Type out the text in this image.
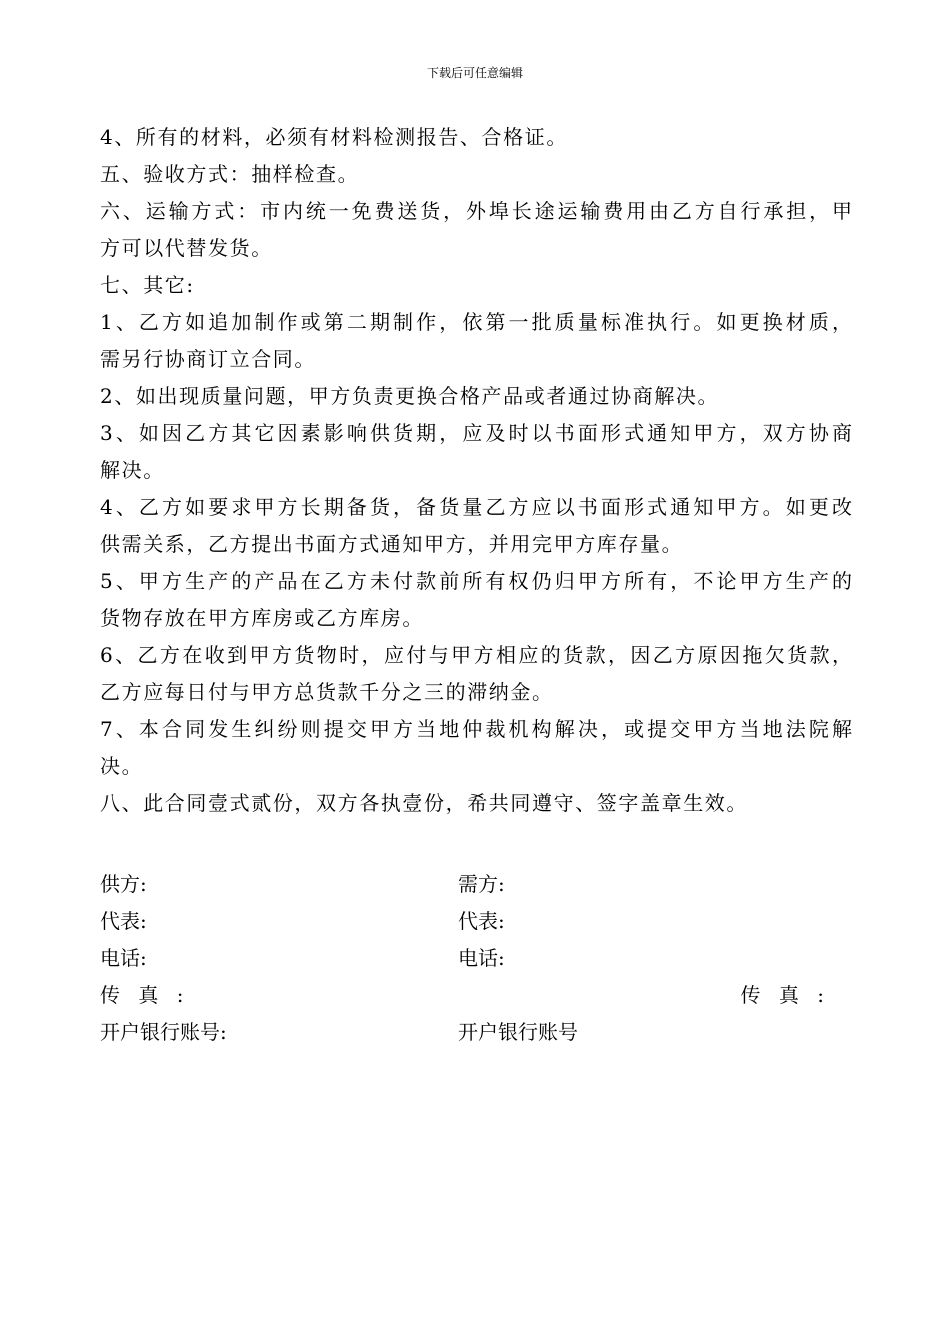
下载后可任意编辑
4、所有的材料，必须有材料检测报告、合格证。
五、验收方式：抽样检查。
六、运输方式：市内统一免费送货，外埠长途运输费用由乙方自行承担，甲
方可以代替发货。
七、其它:
1、乙方如追加制作或第二期制作，依第一批质量标准执行。如更换材质，
需另行协商订立合同。
2、如出现质量问题，甲方负责更换合格产品或者通过协商解决。
3、如因乙方其它因素影响供货期，应及时以书面形式通知甲方，双方协商
解决。
4、乙方如要求甲方长期备货，备货量乙方应以书面形式通知甲方。如更改
供需关系，乙方提出书面方式通知甲方，并用完甲方库存量。
5、甲方生产的产品在乙方未付款前所有权仍归甲方所有，不论甲方生产的
货物存放在甲方库房或乙方库房。
6、乙方在收到甲方货物时，应付与甲方相应的货款，因乙方原因拖欠货款，
乙方应每日付与甲方总货款千分之三的滞纳金。
7、本合同发生纠纷则提交甲方当地仲裁机构解决，或提交甲方当地法院解
决。
八、此合同壹式贰份，双方各执壹份，希共同遵守、签字盖章生效。
供方:	需方:
代表:	代表:
电话:	电话:
传 真 :	传 真 :
开户银行账号:	开户银行账号
